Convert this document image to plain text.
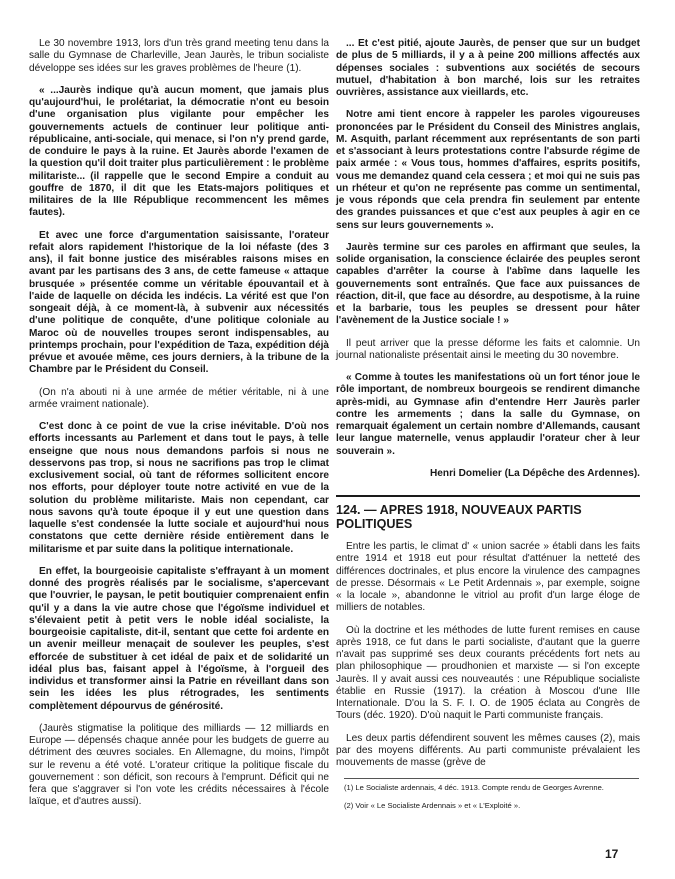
Le 30 novembre 1913, lors d'un très grand meeting tenu dans la salle du Gymnase de Charleville, Jean Jaurès, le tribun socialiste développe ses idées sur les graves problèmes de l'heure (1).

« ...Jaurès indique qu'à aucun moment, que jamais plus qu'aujourd'hui, le prolétariat, la démocratie n'ont eu besoin d'une organisation plus vigilante pour empêcher les gouvernements actuels de continuer leur politique anti-républicaine, anti-sociale, qui menace, si l'on n'y prend garde, de conduire le pays à la ruine. Et Jaurès aborde l'examen de la question qu'il doit traiter plus particulièrement : le problème militariste... (il rappelle que le second Empire a conduit au gouffre de 1870, il dit que les Etats-majors politiques et militaires de la IIIe République recommencent les mêmes fautes).

Et avec une force d'argumentation saisissante, l'orateur refait alors rapidement l'historique de la loi néfaste (des 3 ans), il fait bonne justice des misérables raisons mises en avant par les partisans des 3 ans, de cette fameuse « attaque brusquée » présentée comme un véritable épouvantail et à l'aide de laquelle on décida les indécis. La vérité est que l'on songeait déjà, à ce moment-là, à subvenir aux nécessités d'une politique de conquête, d'une politique coloniale au Maroc où de nouvelles troupes seront indispensables, au printemps prochain, pour l'expédition de Taza, expédition déjà prévue et avouée même, ces jours derniers, à la tribune de la Chambre par le Président du Conseil.

(On n'a abouti ni à une armée de métier véritable, ni à une armée vraiment nationale).

C'est donc à ce point de vue la crise inévitable. D'où nos efforts incessants au Parlement et dans tout le pays, à telle enseigne que nous nous demandons parfois si nous ne desservons pas trop, si nous ne sacrifions pas trop le climat exclusivement social, où tant de réformes sollicitent encore nos efforts, pour déployer toute notre activité en vue de la solution du problème militariste. Mais non cependant, car nous savons qu'à toute époque il y eut une question dans laquelle s'est condensée la lutte sociale et aujourd'hui nous constatons que cette dernière réside entièrement dans le militarisme et par suite dans la politique internationale.

En effet, la bourgeoisie capitaliste s'effrayant à un moment donné des progrès réalisés par le socialisme, s'apercevant que l'ouvrier, le paysan, le petit boutiquier comprenaient enfin qu'il y a dans la vie autre chose que l'égoïsme individuel et s'élevaient petit à petit vers le noble idéal socialiste, la bourgeoisie capitaliste, dit-il, sentant que cette foi ardente en un avenir meilleur menaçait de soulever les peuples, s'est efforcée de substituer à cet idéal de paix et de solidarité un idéal plus bas, faisant appel à l'égoïsme, à l'orgueil des individus et transformer ainsi la Patrie en réveillant dans son sein les idées les plus rétrogrades, les sentiments complètement dépourvus de générosité.

(Jaurès stigmatise la politique des milliards — 12 milliards en Europe — dépensés chaque année pour les budgets de guerre au détriment des œuvres sociales. En Allemagne, du moins, l'impôt sur le revenu a été voté. L'orateur critique la politique fiscale du gouvernement : son déficit, son recours à l'emprunt. Déficit qui ne fera que s'aggraver si l'on vote les crédits nécessaires à l'école laïque, et d'autres aussi).

... Et c'est pitié, ajoute Jaurès, de penser que sur un budget de plus de 5 milliards, il y a à peine 200 millions affectés aux dépenses sociales : subventions aux sociétés de secours mutuel, d'habitation à bon marché, lois sur les retraites ouvrières, assistance aux vieillards, etc.

Notre ami tient encore à rappeler les paroles vigoureuses prononcées par le Président du Conseil des Ministres anglais, M. Asquith, parlant récemment aux représentants de son parti et s'associant à leurs protestations contre l'absurde régime de paix armée : « Vous tous, hommes d'affaires, esprits positifs, vous me demandez quand cela cessera ; et moi qui ne suis pas un rhéteur et qu'on ne représente pas comme un sentimental, je vous réponds que cela prendra fin seulement par entente des grandes puissances et que c'est aux peuples à agir en ce sens sur leurs gouvernements ».

Jaurès termine sur ces paroles en affirmant que seules, la solide organisation, la conscience éclairée des peuples seront capables d'arrêter la course à l'abîme dans laquelle les gouvernements sont entraînés. Que face aux puissances de réaction, dit-il, que face au désordre, au despotisme, à la ruine et la barbarie, tous les peuples se dressent pour hâter l'avènement de la Justice sociale ! »

Il peut arriver que la presse déforme les faits et calomnie. Un journal nationaliste présentait ainsi le meeting du 30 novembre.

« Comme à toutes les manifestations où un fort ténor joue le rôle important, de nombreux bourgeois se rendirent dimanche après-midi, au Gymnase afin d'entendre Herr Jaurès parler contre les armements ; dans la salle du Gymnase, on remarquait également un certain nombre d'Allemands, causant leur langue maternelle, venus applaudir l'orateur cher à leur souverain ».

Henri Domelier (La Dépêche des Ardennes).

124. — APRES 1918, NOUVEAUX PARTIS POLITIQUES

Entre les partis, le climat d' « union sacrée » établi dans les faits entre 1914 et 1918 eut pour résultat d'atténuer la netteté des différences doctrinales, et plus encore la virulence des campagnes de presse. Désormais « Le Petit Ardennais », par exemple, soigne « la locale », abandonne le vitriol au profit d'un large éloge de milliers de notables.

Où la doctrine et les méthodes de lutte furent remises en cause après 1918, ce fut dans le parti socialiste, d'autant que la guerre n'avait pas supprimé ses deux courants précédents fort nets au plan philosophique — proudhonien et marxiste — si l'on excepte Jaurès. Il y avait aussi ces nouveautés : une République socialiste établie en Russie (1917). la création à Moscou d'une IIIe Internationale. D'ou la S. F. I. O. de 1905 éclata au Congrès de Tours (déc. 1920). D'où naquit le Parti communiste français.

Les deux partis défendirent souvent les mêmes causes (2), mais par des moyens différents. Au parti communiste prévalaient les mouvements de masse (grève de

(1) Le Socialiste ardennais, 4 déc. 1913. Compte rendu de Georges Avrenne.

(2) Voir « Le Socialiste Ardennais » et « L'Exploité ».

17
